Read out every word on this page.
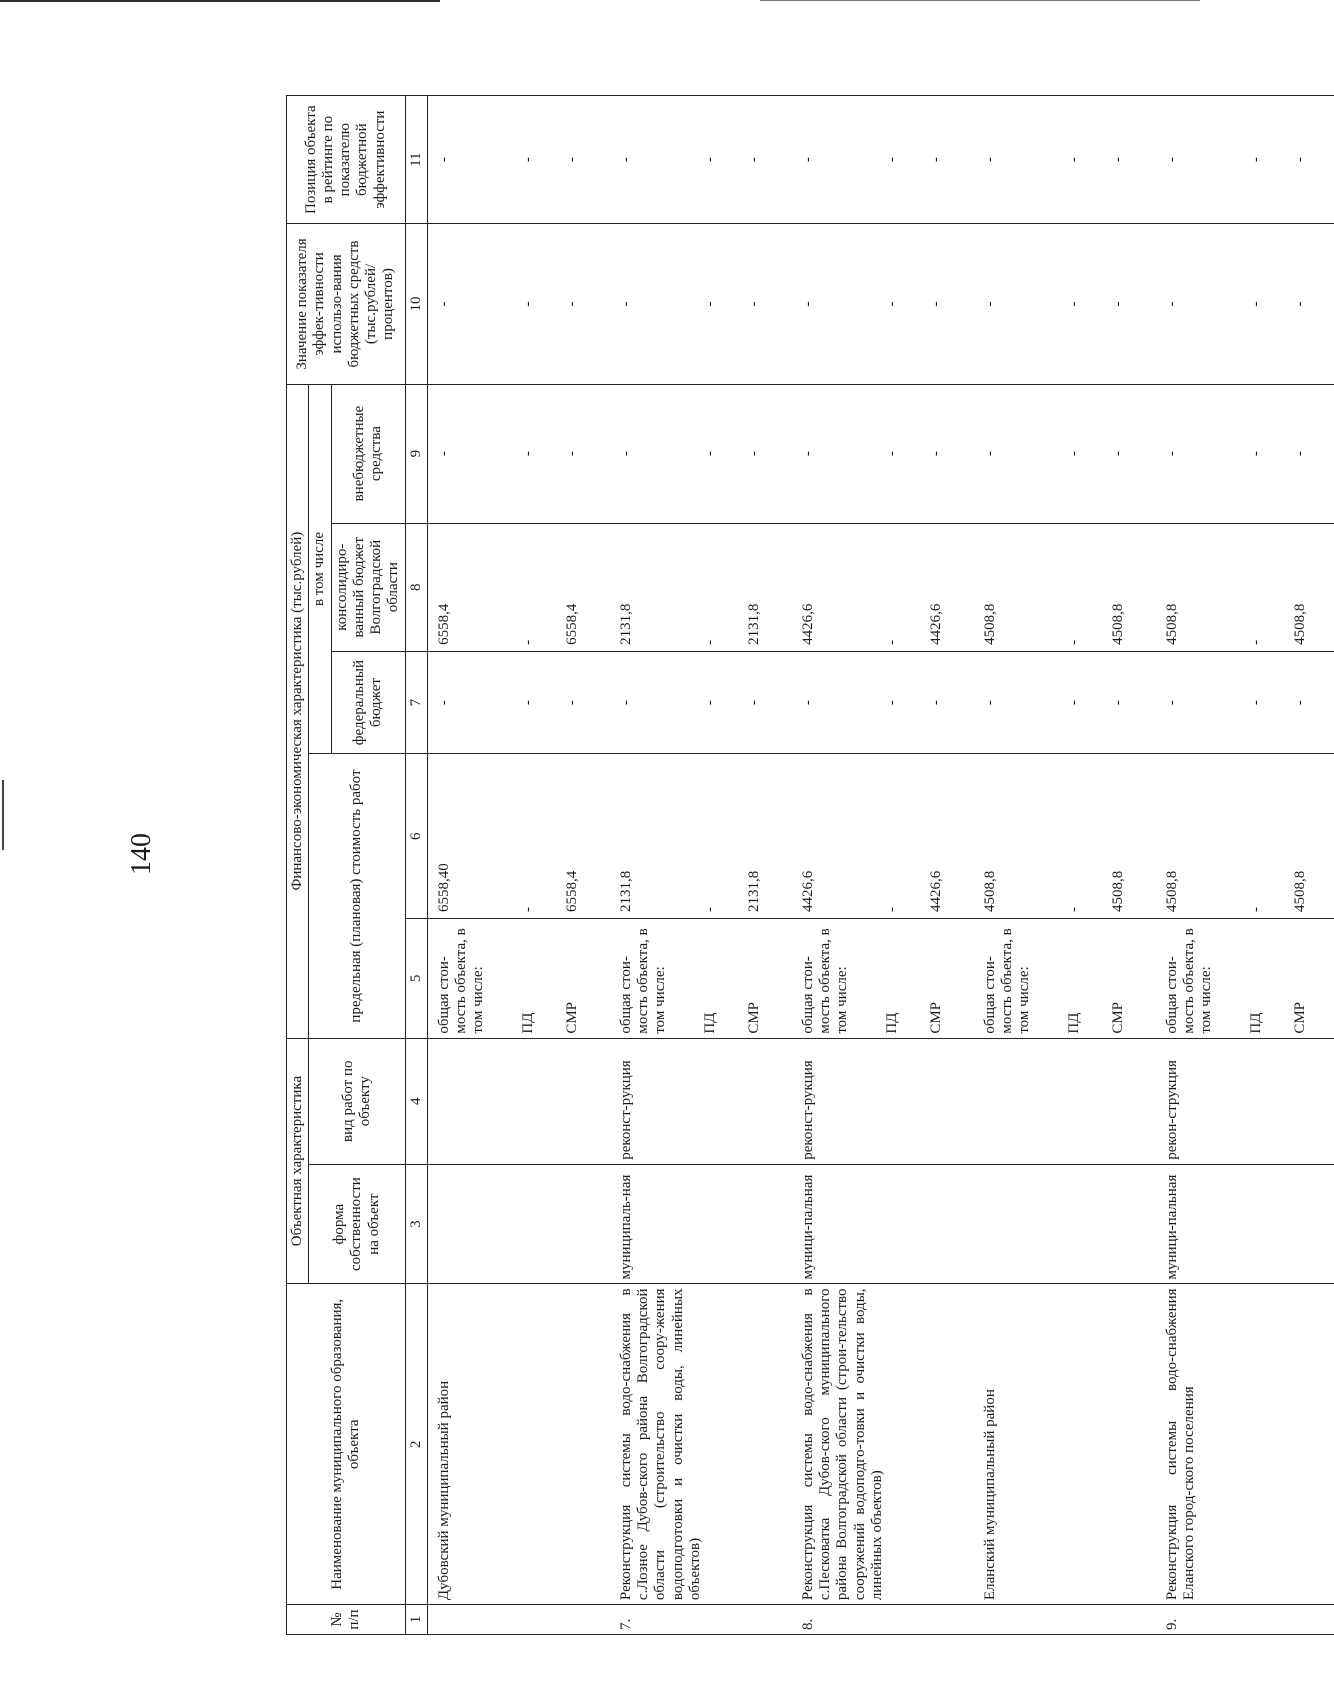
140
№ п/п	Наименование муниципального образования, объекта	Объектная характеристика		Финансово-экономическая характеристика (тыс.рублей)					Значение показателя эффек-тивности использо-вания бюджетных средств (тыс.рублей/ процентов)	Позиция объекта в рейтинге по показателю бюджетной эффективности
		форма собственности на объект	вид работ по объекту	предельная (плановая) стоимость работ		в том числе				
						федеральный бюджет	консолидиро-ванный бюджет Волгоградской области	внебюджетные средства		
1	2	3	4	5	6	7	8	9	10	11
	Дубовский муниципальный район			общая стои-мость объекта, в том числе:	6558,40	-	6558,4	-	-	-
				ПД	-	-	-	-	-	-
				СМР	6558,4	-	6558,4	-	-	-

7.	Реконструкция системы водо-снабжения в с.Лозное Дубов-ского района Волгоградской области (строительство соору-жения водоподготовки и очистки воды, линейных объектов)	муниципаль-ная	реконст-рукция	общая стои-мость объекта, в том числе:	2131,8	-	2131,8	-	-	-
				ПД	-	-	-	-	-	-
				СМР	2131,8	-	2131,8	-	-	-

8.	Реконструкция системы водо-снабжения в с.Песковатка Дубов-ского муниципального района Волгоградской области (строи-тельство сооружений водоподго-товки и очистки воды, линейных объектов)	муници-пальная	реконст-рукция	общая стои-мость объекта, в том числе:	4426,6	-	4426,6	-	-	-
				ПД	-	-	-	-	-	-
				СМР	4426,6	-	4426,6	-	-	-

	Еланский муниципальный район			общая стои-мость объекта, в том числе:	4508,8	-	4508,8	-	-	-
				ПД	-	-	-	-	-	-
				СМР	4508,8	-	4508,8	-	-	-

9.	Реконструкция системы водо-снабжения Еланского город-ского поселения	муници-пальная	рекон-струкция	общая стои-мость объекта, в том числе:	4508,8	-	4508,8	-	-	-
				ПД	-	-	-	-	-	-
				СМР	4508,8	-	4508,8	-	-	-
